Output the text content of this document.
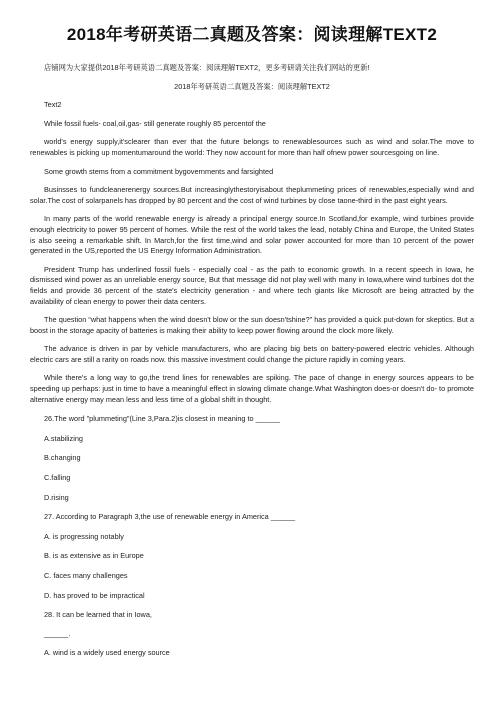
2018年考研英语二真题及答案：阅读理解TEXT2

店铺网为大家提供2018年考研英语二真题及答案：阅读理解TEXT2，更多考研请关注我们网站的更新!

2018年考研英语二真题及答案：阅读理解TEXT2

Text2

While fossil fuels- coal,oil,gas- still generate roughly 85 percentof the

world's energy supply,it'sclearer than ever that the future belongs to renewablesources such as wind and solar.The move to renewables is picking up momentumaround the world: They now account for more than half ofnew power sourcesgoing on line.

Some growth stems from a commitment bygovernments and farsighted

Businsses to fundcleanerenergy sources.But increasinglythestoryisabout theplummeting prices of renewables,especially wind and solar.The cost of solarpanels has dropped by 80 percent and the cost of wind turbines by close taone-third in the past eight years.

In many parts of the world renewable energy is already a principal energy source.In Scotland,for example, wind turbines provide enough electricity to power 95 percent of homes. While the rest of the world takes the lead, notably China and Europe, the United States is also seeing a remarkable shift. In March,for the first time,wind and solar power accounted for more than 10 percent of the power generated in the US,reported the US Energy Information Administration.

President Trump has underlined fossil fuels - especially coal - as the path to economic growth. In a recent speech in Iowa, he dismissed wind power as an unreliable energy source, But that message did not play well with many in Iowa,where wind turbines dot the fields and provide 36 percent of the state's electricity generation - and where tech giants like Microsoft are being attracted by the availability of clean energy to power their data centers.

The question “what happens when the wind doesn't blow or the sun doesn'tshine?” has provided a quick put-down for skeptics. But a boost in the storage apacity of batteries is making their ability to keep power flowing around the clock more likely.

The advance is driven in par by vehicle manufacturers, who are placing big bets on battery-powered electric vehicles. Although electric cars are still a rarity on roads now. this massive investment could change the picture rapidly in coming years.

While there's a long way to go,the trend lines for renewables are spiking. The pace of change in energy sources appears to be speeding up perhaps: just in time to have a meaningful effect in slowing climate change.What Washington does-or doesn't do- to promote alternative energy may mean less and less time of a global shift in thought.

26.The word "plummeting"(Line 3,Para.2)is closest in meaning to ______

A.stabilizing

B.changing

C.falling

D.rising

27. According to Paragraph 3,the use of renewable energy in America ______

A. is progressing notably

B. is as extensive as in Europe

C. faces many challenges

D. has proved to be impractical

28. It can be learned that in Iowa,

______.

A. wind is a widely used energy source
